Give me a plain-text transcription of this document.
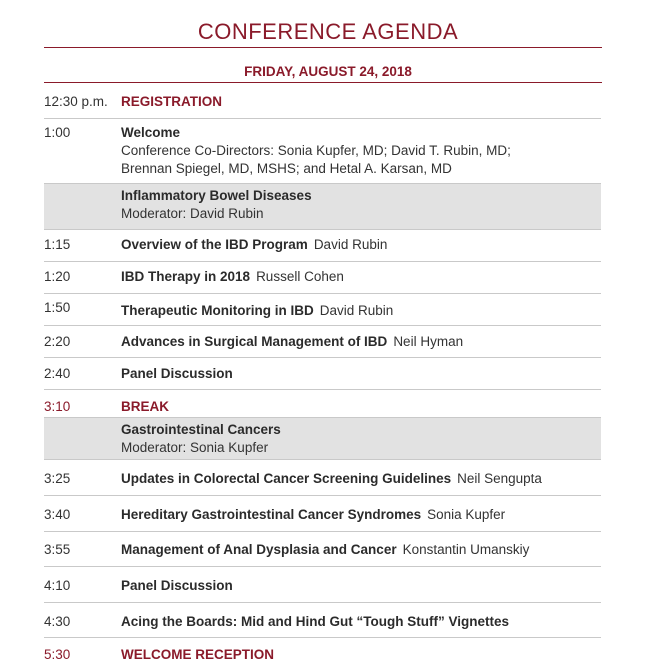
CONFERENCE AGENDA
FRIDAY, AUGUST 24, 2018
12:30 p.m. REGISTRATION
1:00	Welcome
Conference Co-Directors: Sonia Kupfer, MD; David T. Rubin, MD;
Brennan Spiegel, MD, MSHS; and Hetal A. Karsan, MD
Inflammatory Bowel Diseases
Moderator: David Rubin
1:15	Overview of the IBD Program David Rubin
1:20	IBD Therapy in 2018 Russell Cohen
1:50	Therapeutic Monitoring in IBD David Rubin
2:20	Advances in Surgical Management of IBD Neil Hyman
2:40	Panel Discussion
3:10	BREAK
Gastrointestinal Cancers
Moderator: Sonia Kupfer
3:25	Updates in Colorectal Cancer Screening Guidelines Neil Sengupta
3:40	Hereditary Gastrointestinal Cancer Syndromes Sonia Kupfer
3:55	Management of Anal Dysplasia and Cancer Konstantin Umanskiy
4:10	Panel Discussion
4:30	Acing the Boards: Mid and Hind Gut “Tough Stuff” Vignettes
5:30	WELCOME RECEPTION
